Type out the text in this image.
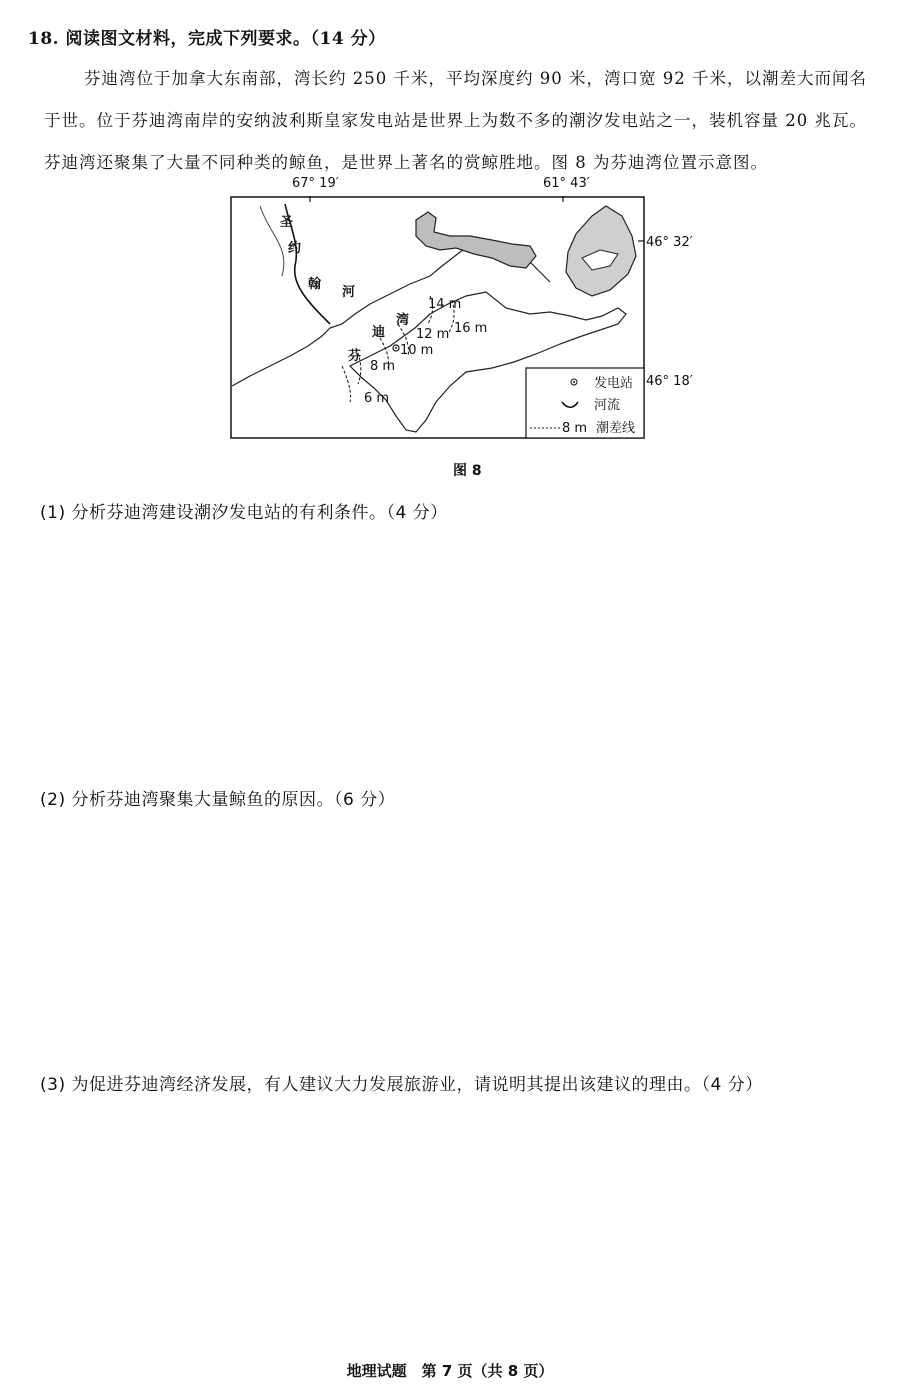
18. 阅读图文材料，完成下列要求。（14 分）

芬迪湾位于加拿大东南部，湾长约 250 千米，平均深度约 90 米，湾口宽 92 千米，以潮差大而闻名于世。位于芬迪湾南岸的安纳波利斯皇家发电站是世界上为数不多的潮汐发电站之一，装机容量 20 兆瓦。芬迪湾还聚集了大量不同种类的鲸鱼，是世界上著名的赏鲸胜地。图 8 为芬迪湾位置示意图。

67° 19′	61° 43′
46° 32′
46° 18′
圣
约
翰
河
芬
迪
湾
14 m
16 m
12 m
10 m
8 m
6 m
发电站
河流
8 m 潮差线
图 8
(1) 分析芬迪湾建设潮汐发电站的有利条件。（4 分）
(2) 分析芬迪湾聚集大量鲸鱼的原因。（6 分）
(3) 为促进芬迪湾经济发展，有人建议大力发展旅游业，请说明其提出该建议的理由。（4 分）
地理试题　第 7 页（共 8 页）
